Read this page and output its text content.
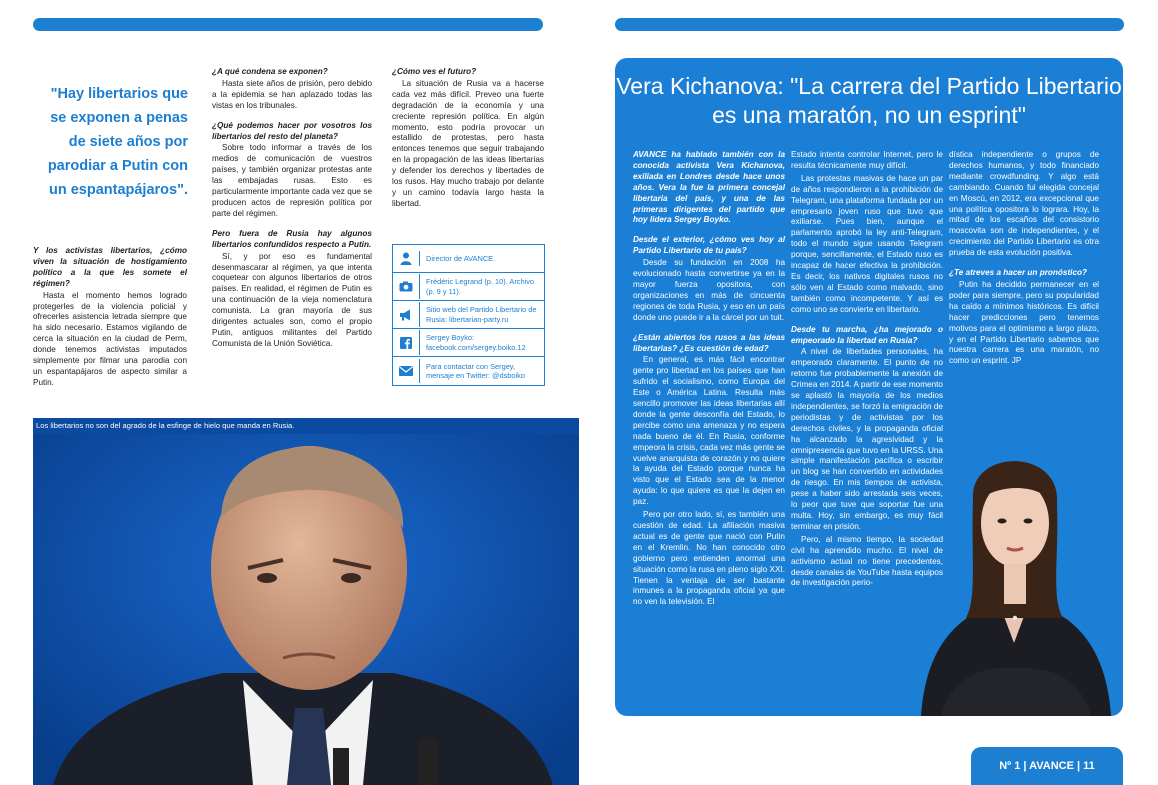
"Hay libertarios que se exponen a penas de siete años por parodiar a Putin con un espantapájaros".

Y los activistas libertarios, ¿cómo viven la situación de hostigamiento político a la que les somete el régimen?

Hasta el momento hemos logrado protegerles de la violencia policial y ofrecerles asistencia letrada siempre que ha sido necesario. Estamos vigilando de cerca la situación en la ciudad de Perm, donde tenemos activistas imputados simplemente por filmar una parodia con un espantapájaros de aspecto similar a Putin.

¿A qué condena se exponen?

Hasta siete años de prisión, pero debido a la epidemia se han aplazado todas las vistas en los tribunales.

¿Qué podemos hacer por vosotros los libertarios del resto del planeta?

Sobre todo informar a través de los medios de comunicación de vuestros países, y también organizar protestas ante las embajadas rusas. Esto es particularmente importante cada vez que se producen actos de represión política por parte del régimen.

Pero fuera de Rusia hay algunos libertarios confundidos respecto a Putin.

Sí, y por eso es fundamental desenmascarar al régimen, ya que intenta coquetear con algunos libertarios de otros países. En realidad, el régimen de Putin es una continuación de la vieja nomenclatura comunista. La gran mayoría de sus dirigentes actuales son, como el propio Putin, antiguos militantes del Partido Comunista de la Unión Soviética.

¿Cómo ves el futuro?

La situación de Rusia va a hacerse cada vez más difícil. Preveo una fuerte degradación de la economía y una creciente represión política. En algún momento, esto podría provocar un estallido de protestas, pero hasta entonces tenemos que seguir trabajando en la propagación de las ideas libertarias y defender los derechos y libertades de los rusos. Hay mucho trabajo por delante y un camino todavía largo hasta la libertad.

Director de AVANCE.
Frédéric Legrand (p. 10). Archivo (p. 9 y 11).
Sitio web del Partido Libertario de Rusia: libertarian-party.ru
Sergey Boyko: facebook.com/sergey.boiko.12
Para contactar con Sergey, mensaje en Twitter: @dsboiko
Los libertarios no son del agrado de la esfinge de hielo que manda en Rusia.
Vera Kichanova: "La carrera del Partido Libertario es una maratón, no un esprint"

AVANCE ha hablado también con la conocida activista Vera Kichanova, exiliada en Londres desde hace unos años. Vera la fue la primera concejal libertaria del país, y una de las primeras dirigentes del partido que hoy lidera Sergey Boyko.

Desde el exterior, ¿cómo ves hoy al Partido Libertario de tu país?

Desde su fundación en 2008 ha evolucionado hasta convertirse ya en la mayor fuerza opositora, con organizaciones en más de cincuenta regiones de toda Rusia, y eso en un país donde uno puede ir a la cárcel por un tuit.

¿Están abiertos los rusos a las ideas libertarias? ¿Es cuestión de edad?

En general, es más fácil encontrar gente pro libertad en los países que han sufrido el socialismo, como Europa del Este o América Latina. Resulta más sencillo promover las ideas libertarias allí donde la gente desconfía del Estado, lo percibe como una amenaza y no espera nada bueno de él. En Rusia, conforme empeora la crisis, cada vez más gente se vuelve anarquista de corazón y no quiere la ayuda del Estado porque nunca ha visto que el Estado sea de la menor ayuda: lo que quiere es que la dejen en paz.

Pero por otro lado, sí, es también una cuestión de edad. La afiliación masiva actual es de gente que nació con Putin en el Kremlin. No han conocido otro gobierno pero entienden anormal una situación como la rusa en pleno siglo XXI. Tienen la ventaja de ser bastante inmunes a la propaganda oficial ya que no ven la televisión. El

Estado intenta controlar Internet, pero le resulta técnicamente muy difícil.

Las protestas masivas de hace un par de años respondieron a la prohibición de Telegram, una plataforma fundada por un empresario joven ruso que tuvo que exiliarse. Pues bien, aunque el parlamento aprobó la ley anti-Telegram, todo el mundo sigue usando Telegram porque, sencillamente, el Estado ruso es incapaz de hacer efectiva la prohibición. Es decir, los nativos digitales rusos no sólo ven al Estado como malvado, sino también como incompetente. Y así es como uno se convierte en libertario.

Desde tu marcha, ¿ha mejorado o empeorado la libertad en Rusia?

A nivel de libertades personales, ha empeorado claramente. El punto de no retorno fue probablemente la anexión de Crimea en 2014. A partir de ese momento se aplastó la mayoría de los medios independientes, se forzó la emigración de periodistas y de activistas por los derechos civiles, y la propaganda oficial ha alcanzado la agresividad y la omnipresencia que tuvo en la URSS. Una simple manifestación pacífica o escribir un blog se han convertido en actividades de riesgo. En mis tiempos de activista, pese a haber sido arrestada seis veces, lo peor que tuve que soportar fue una multa. Hoy, sin embargo, es muy fácil terminar en prisión.

Pero, al mismo tiempo, la sociedad civil ha aprendido mucho. El nivel de activismo actual no tiene precedentes, desde canales de YouTube hasta equipos de investigación perio-

dística independiente o grupos de derechos humanos, y todo financiado mediante crowdfunding. Y algo está cambiando. Cuando fui elegida concejal en Moscú, en 2012, era excepcional que una política opositora lo lograra. Hoy, la mitad de los escaños del consistorio moscovita son de independientes, y el crecimiento del Partido Libertario es otra prueba de esta evolución positiva.

¿Te atreves a hacer un pronóstico?

Putin ha decidido permanecer en el poder para siempre, pero su popularidad ha caído a mínimos históricos. Es difícil hacer predicciones pero tenemos motivos para el optimismo a largo plazo, y en el Partido Libertario sabemos que nuestra carrera es una maratón, no como un esprint. JP

Nº 1 | AVANCE | 11
